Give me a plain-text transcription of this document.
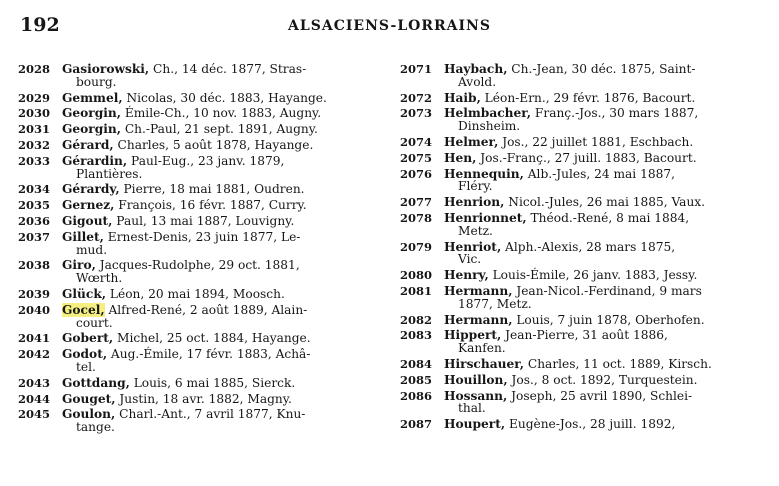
192	ALSACIENS-LORRAINS
2028 Gasiorowski, Ch., 14 déc. 1877, Stras-
bourg.
2029 Gemmel, Nicolas, 30 déc. 1883, Hayange.
2030 Georgin, Émile-Ch., 10 nov. 1883, Augny.
2031 Georgin, Ch.-Paul, 21 sept. 1891, Augny.
2032 Gérard, Charles, 5 août 1878, Hayange.
2033 Gérardin, Paul-Eug., 23 janv. 1879,
Plantières.
2034 Gérardy, Pierre, 18 mai 1881, Oudren.
2035 Gernez, François, 16 févr. 1887, Curry.
2036 Gigout, Paul, 13 mai 1887, Louvigny.
2037 Gillet, Ernest-Denis, 23 juin 1877, Le-
mud.
2038 Giro, Jacques-Rudolphe, 29 oct. 1881,
Wœrth.
2039 Glück, Léon, 20 mai 1894, Moosch.
2040 Gocel, Alfred-René, 2 août 1889, Alain-
court.
2041 Gobert, Michel, 25 oct. 1884, Hayange.
2042 Godot, Aug.-Émile, 17 févr. 1883, Achâ-
tel.
2043 Gottdang, Louis, 6 mai 1885, Sierck.
2044 Gouget, Justin, 18 avr. 1882, Magny.
2045 Goulon, Charl.-Ant., 7 avril 1877, Knu-
tange.
2071 Haybach, Ch.-Jean, 30 déc. 1875, Saint-
Avold.
2072 Haib, Léon-Ern., 29 févr. 1876, Bacourt.
2073 Helmbacher, Franç.-Jos., 30 mars 1887,
Dinsheim.
2074 Helmer, Jos., 22 juillet 1881, Eschbach.
2075 Hen, Jos.-Franç., 27 juill. 1883, Bacourt.
2076 Hennequin, Alb.-Jules, 24 mai 1887,
Fléry.
2077 Henrion, Nicol.-Jules, 26 mai 1885, Vaux.
2078 Henrionnet, Théod.-René, 8 mai 1884,
Metz.
2079 Henriot, Alph.-Alexis, 28 mars 1875,
Vic.
2080 Henry, Louis-Émile, 26 janv. 1883, Jessy.
2081 Hermann, Jean-Nicol.-Ferdinand, 9 mars
1877, Metz.
2082 Hermann, Louis, 7 juin 1878, Oberhofen.
2083 Hippert, Jean-Pierre, 31 août 1886,
Kanfen.
2084 Hirschauer, Charles, 11 oct. 1889, Kirsch.
2085 Houillon, Jos., 8 oct. 1892, Turquestein.
2086 Hossann, Joseph, 25 avril 1890, Schlei-
thal.
2087 Houpert, Eugène-Jos., 28 juill. 1892,
